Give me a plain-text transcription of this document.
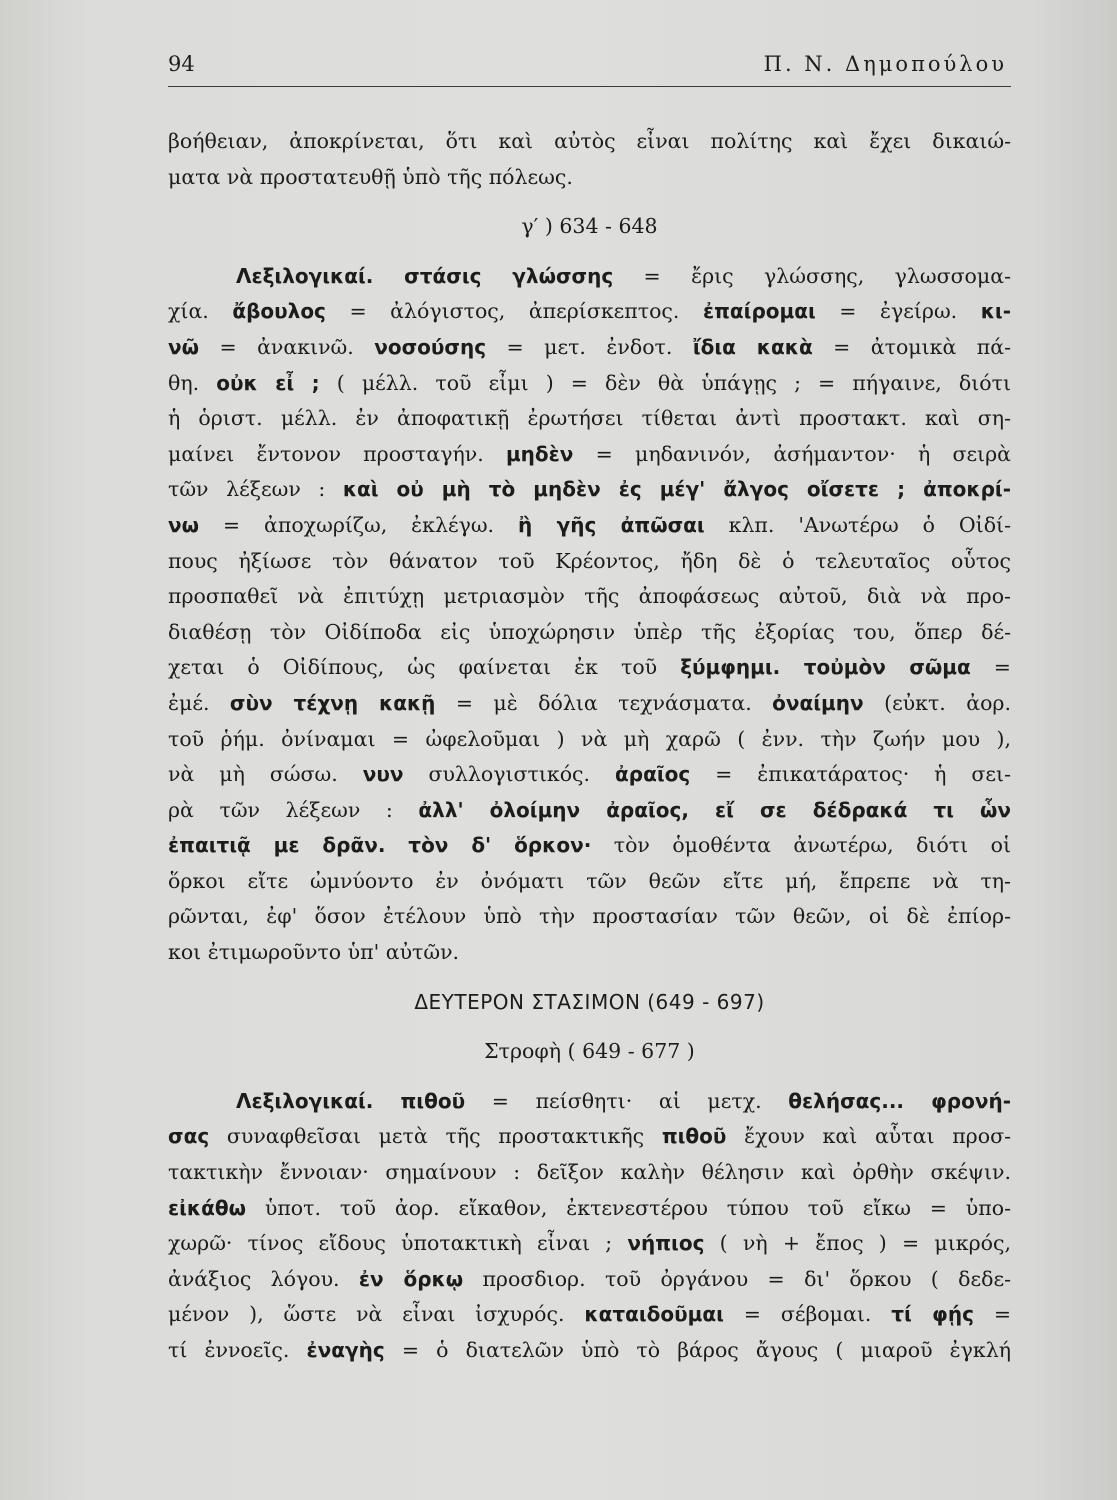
94	Π. Ν. Δημοπούλου
βοήθειαν, ἀποκρίνεται, ὅτι καὶ αὐτὸς εἶναι πολίτης καὶ ἔχει δικαιώ-
ματα νὰ προστατευθῇ ὑπὸ τῆς πόλεως.
γ′ ) 634 - 648
Λεξιλογικαί. στάσις γλώσσης = ἔρις γλώσσης, γλωσσομα-
χία. ἄβουλος = ἀλόγιστος, ἀπερίσκεπτος. ἐπαίρομαι = ἐγείρω. κι-
νῶ = ἀνακινῶ. νοσούσης = μετ. ἐνδοτ. ἴδια κακὰ = ἀτομικὰ πά-
θη. οὐκ εἶ ; ( μέλλ. τοῦ εἶμι ) = δὲν θὰ ὑπάγῃς ; = πήγαινε, διότι
ἡ ὁριστ. μέλλ. ἐν ἀποφατικῇ ἐρωτήσει τίθεται ἀντὶ προστακτ. καὶ ση-
μαίνει ἔντονον προσταγήν. μηδὲν = μηδανινόν, ἀσήμαντον· ἡ σειρὰ
τῶν λέξεων : καὶ οὐ μὴ τὸ μηδὲν ἐς μέγ' ἄλγος οἴσετε ; ἀποκρί-
νω = ἀποχωρίζω, ἐκλέγω. ἢ γῆς ἀπῶσαι κλπ. 'Ανωτέρω ὁ Οἰδί-
πους ἠξίωσε τὸν θάνατον τοῦ Κρέοντος, ἤδη δὲ ὁ τελευταῖος οὗτος
προσπαθεῖ νὰ ἐπιτύχῃ μετριασμὸν τῆς ἀποφάσεως αὐτοῦ, διὰ νὰ προ-
διαθέσῃ τὸν Οἰδίποδα εἰς ὑποχώρησιν ὑπὲρ τῆς ἐξορίας του, ὅπερ δέ-
χεται ὁ Οἰδίπους, ὡς φαίνεται ἐκ τοῦ ξύμφημι. τοὐμὸν σῶμα =
ἐμέ. σὺν τέχνῃ κακῇ = μὲ δόλια τεχνάσματα. ὀναίμην (εὐκτ. ἀορ.
τοῦ ῥήμ. ὀνίναμαι = ὠφελοῦμαι ) νὰ μὴ χαρῶ ( ἐνν. τὴν ζωήν μου ),
νὰ μὴ σώσω. νυν συλλογιστικός. ἀραῖος = ἐπικατάρατος· ἡ σει-
ρὰ τῶν λέξεων : ἀλλ' ὀλοίμην ἀραῖος, εἴ σε δέδρακά τι ὧν
ἐπαιτιᾷ με δρᾶν. τὸν δ' ὅρκον· τὸν ὁμοθέντα ἀνωτέρω, διότι οἱ
ὅρκοι εἴτε ὠμνύοντο ἐν ὀνόματι τῶν θεῶν εἴτε μή, ἔπρεπε νὰ τη-
ρῶνται, ἐφ' ὅσον ἐτέλουν ὑπὸ τὴν προστασίαν τῶν θεῶν, οἱ δὲ ἐπίορ-
κοι ἐτιμωροῦντο ὑπ' αὐτῶν.
ΔΕΥΤΕΡΟΝ ΣΤΑΣΙΜΟΝ (649 - 697)
Στροφὴ ( 649 - 677 )
Λεξιλογικαί. πιθοῦ = πείσθητι· αἱ μετχ. θελήσας... φρονή-
σας συναφθεῖσαι μετὰ τῆς προστακτικῆς πιθοῦ ἔχουν καὶ αὗται προσ-
τακτικὴν ἔννοιαν· σημαίνουν : δεῖξον καλὴν θέλησιν καὶ ὀρθὴν σκέψιν.
εἰκάθω ὑποτ. τοῦ ἀορ. εἴκαθον, ἐκτενεστέρου τύπου τοῦ εἴκω = ὑπο-
χωρῶ· τίνος εἴδους ὑποτακτικὴ εἶναι ; νήπιος ( νὴ + ἔπος ) = μικρός,
ἀνάξιος λόγου. ἐν ὅρκῳ προσδιορ. τοῦ ὀργάνου = δι' ὅρκου ( δεδε-
μένον ), ὥστε νὰ εἶναι ἰσχυρός. καταιδοῦμαι = σέβομαι. τί φῄς =
τί ἐννοεῖς. ἐναγὴς = ὁ διατελῶν ὑπὸ τὸ βάρος ἄγους ( μιαροῦ ἐγκλή
